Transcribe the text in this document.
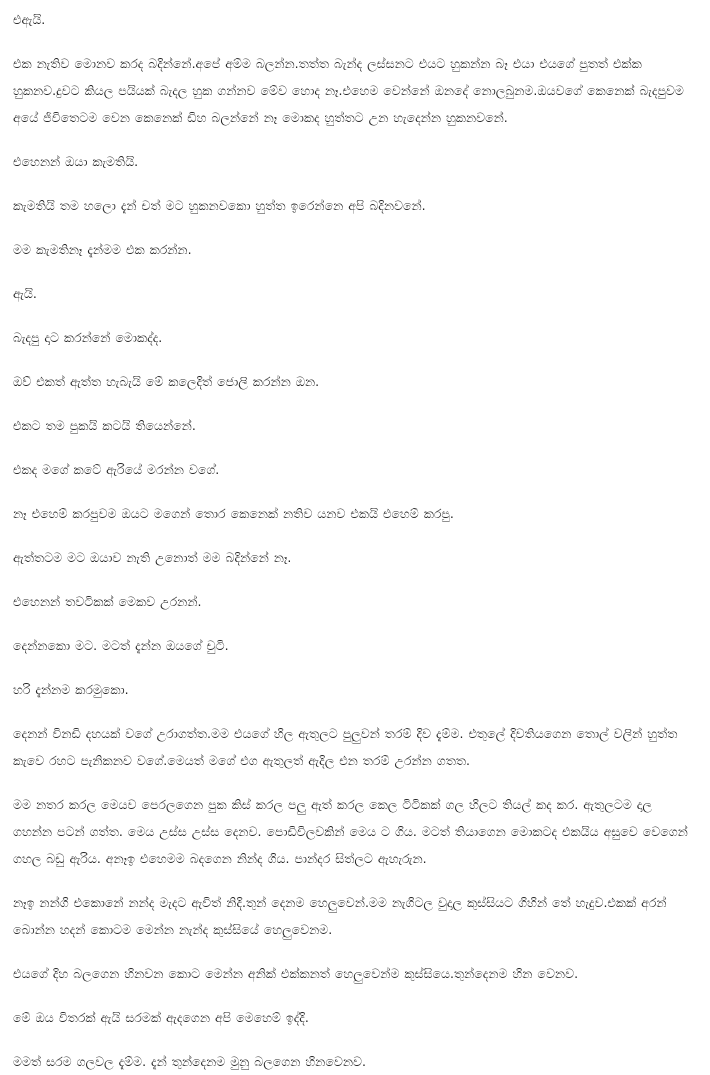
එඇයි.

එක නැතිව මොනව කරද බදින්නේ.අපේ අම්ම බලන්න.තත්ත බැන්ද ලස්සනට එයට හුකන්න බෑ එයා එයගේ පුතත් එක්ක හුකනව.දුවට කියල පයියක් බැදල හුක ගන්නව මේව හොද නෑ.එහෙම වෙන්නේ ඔනදේ නොලබුනම.ඔයවගේ කෙනෙක් බැදපුවම අයේ ජිවිතෙටම වෙන කෙනෙක් ඩිහ බලන්නේ නෑ මොකද හුත්තට උන හැදෙන්න හුකනවනේ.

එහෙනන් ඔයා කැමතියි.

කැමතියි තම හලො දැන් චත් මට හුකනවකො හුත්ත ඉරෙන්නෙ අපි බදිනවනේ.

මම කැමතිනෑ දැන්මම එක කරන්න.

ඇයි.

බැදපු දාට කරන්නේ මොකද්ද.

ඔව් එකත් ඇත්ත හැබැයි මේ කලෙදිත් ජොලි කරන්න ඔන.

එකට තම පුකයි කටයි තියෙන්නේ.

එකද මගේ කටේ ඇරියේ මරන්න වගේ.

නෑ එහෙම් කරපුවම ඔයට මගෙන් තොර කෙනෙක් නතිව යනව එකයි එහෙම් කරපු.

ඇත්තටම මට ඔයාව නැති උනොත් මම බදින්නේ නෑ.

එහෙනන් තවටිකක් මෙකව උරනන්.

දෙන්නකො මට. මටත් දැන්න ඔයගේ චුටි.

හරි දැන්නම කරමුකො.

දෙනන් විනඩි දහයක් වගේ උරාගත්ත.මම එයගේ හිල ඇතුලට පුලුවන් තරම් දිව දැම්ම. එතුලේ දිවතියගෙන තොල් වලින් හුත්ත කැවෙ රහට පැනිකනව වගේ.මෙයත් මගේ එග ඇතුලත් ඇදිල එන තරම් උරන්න ගතත.

මම නතර කරල මෙයව පෙරලගෙන පුක කිස් කරල පලු ඇත් කරල කෙල ටිටිකක් ගල හිලට තියල් කද කර. ඇතුලටම දාල ගහන්න පටන් ගත්ත. මෙය උස්ස උස්ස දෙනව. පොඩිවිලවකින් මෙය ට ගිය. මටත් තියාගෙන මොකටද එකයිය අසුවෙ වෙගෙන් ගහල බඩු ඇරිය. අනෑඉ එහෙමම බදගෙන නින්ද ගිය. පාන්දර සිත්ලට ඇහැරුන.

නෑඉ නන්ගි එකොනේ නන්ද මැදට ඇවිත් නිදි.තුන් දෙනම හෙලුවෙන්.මම නැගිටල වුදාල කුස්සියට ගිහින් තේ හැදුව.එකක් අරන් බොන්න හදන් කොටම මෙන්න නැන්ද කුස්සියේ හෙලුවෙනම.

එයගේ දිහ බලගෙන හිනවන කොට මෙන්න අනික් එක්කනත් හෙලුවෙන්ම කුස්සියෙ.තුන්දෙනම හින වෙනව.

මේ ඔය විතරක් ඇයි සරමක් ඇදගෙන අපි මෙහෙම් ඉද්දි.

මමත් සරම ගලවල දැම්ම. දැන් තුන්දෙනම මුනු බලගෙන හිනවෙනව.
